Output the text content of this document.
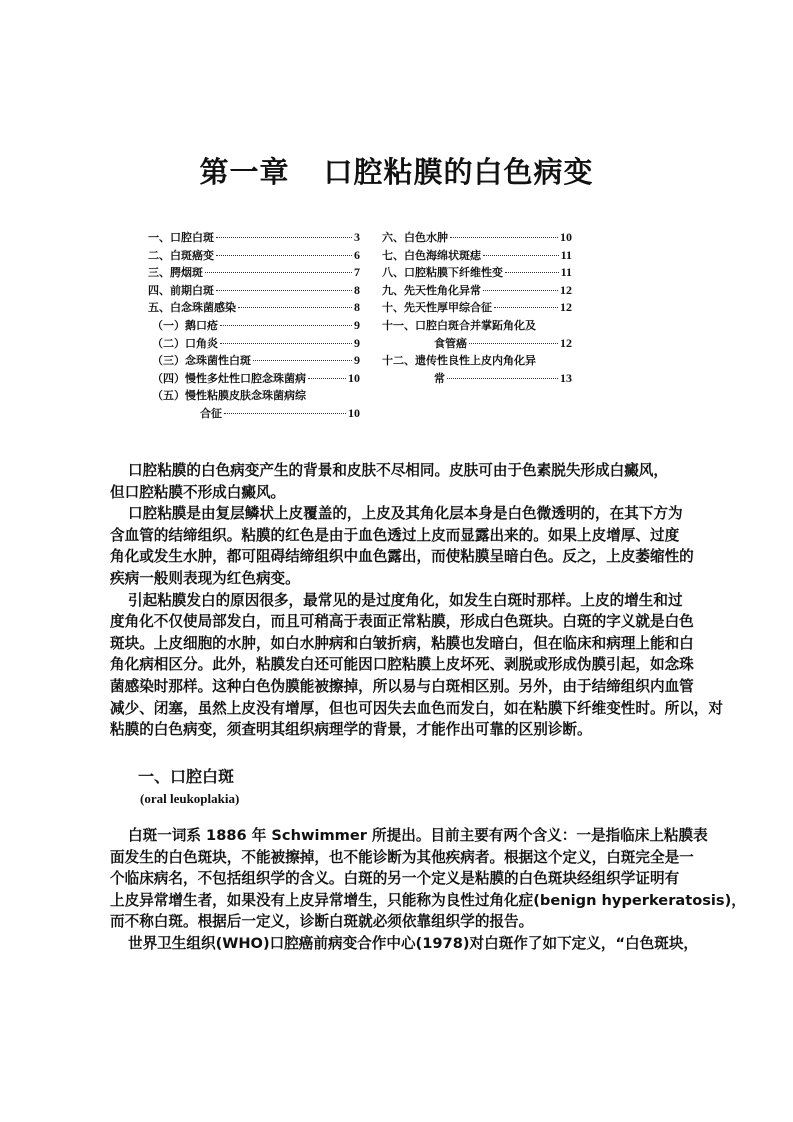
第一章 口腔粘膜的白色病变
一、口腔白斑	3
二、白斑癌变	6
三、腭烟斑	7
四、前期白斑	8
五、白念珠菌感染	8
（一）鹅口疮	9
（二）口角炎	9
（三）念珠菌性白斑	9
（四）慢性多灶性口腔念珠菌病	10
（五）慢性粘膜皮肤念珠菌病综
合征	10
六、白色水肿	10
七、白色海绵状斑痣	11
八、口腔粘膜下纤维性变	11
九、先天性角化异常	12
十、先天性厚甲综合征	12
十一、口腔白斑合并掌跖角化及
食管癌	12
十二、遗传性良性上皮内角化异
常	13
口腔粘膜的白色病变产生的背景和皮肤不尽相同。皮肤可由于色素脱失形成白癜风，
但口腔粘膜不形成白癜风。
口腔粘膜是由复层鳞状上皮覆盖的，上皮及其角化层本身是白色微透明的，在其下方为
含血管的结缔组织。粘膜的红色是由于血色透过上皮而显露出来的。如果上皮增厚、过度
角化或发生水肿，都可阻碍结缔组织中血色露出，而使粘膜呈暗白色。反之，上皮萎缩性的
疾病一般则表现为红色病变。
引起粘膜发白的原因很多，最常见的是过度角化，如发生白斑时那样。上皮的增生和过
度角化不仅使局部发白，而且可稍高于表面正常粘膜，形成白色斑块。白斑的字义就是白色
斑块。上皮细胞的水肿，如白水肿病和白皱折病，粘膜也发暗白，但在临床和病理上能和白
角化病相区分。此外，粘膜发白还可能因口腔粘膜上皮坏死、剥脱或形成伪膜引起，如念珠
菌感染时那样。这种白色伪膜能被擦掉，所以易与白斑相区别。另外，由于结缔组织内血管
减少、闭塞，虽然上皮没有增厚，但也可因失去血色而发白，如在粘膜下纤维变性时。所以，对
粘膜的白色病变，须查明其组织病理学的背景，才能作出可靠的区别诊断。
一、口腔白斑
(oral leukoplakia)
白斑一词系 1886 年 Schwimmer 所提出。目前主要有两个含义：一是指临床上粘膜表
面发生的白色斑块，不能被擦掉，也不能诊断为其他疾病者。根据这个定义，白斑完全是一
个临床病名，不包括组织学的含义。白斑的另一个定义是粘膜的白色斑块经组织学证明有
上皮异常增生者，如果没有上皮异常增生，只能称为良性过角化症(benign hyperkeratosis)，
而不称白斑。根据后一定义，诊断白斑就必须依靠组织学的报告。
世界卫生组织(WHO)口腔癌前病变合作中心(1978)对白斑作了如下定义，“白色斑块，
